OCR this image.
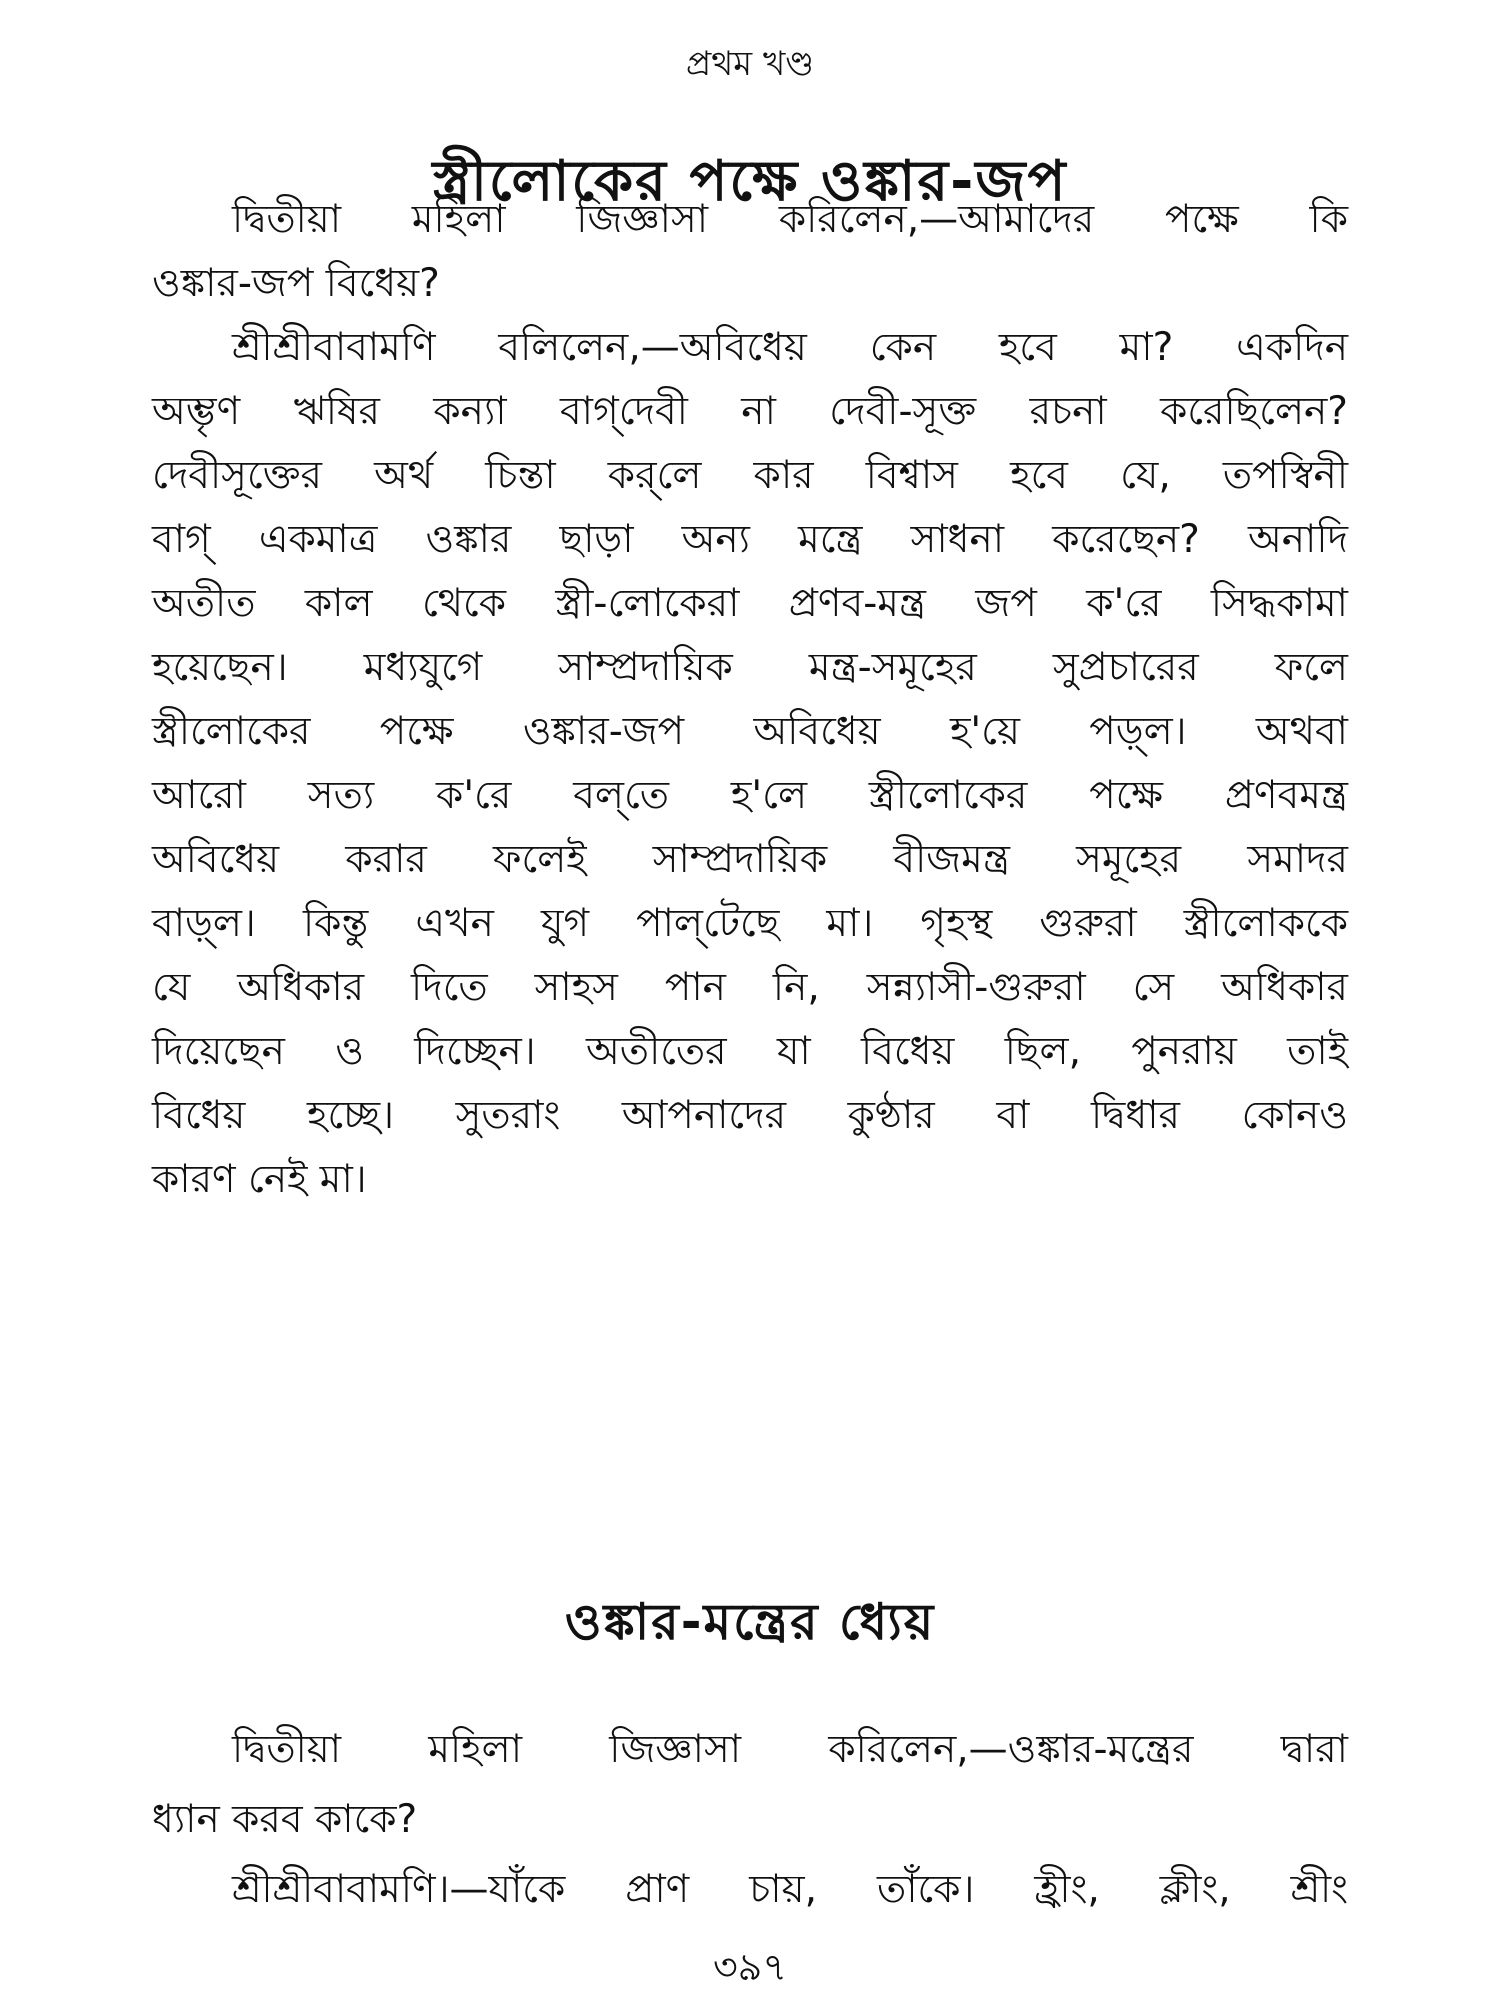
প্রথম খণ্ড
স্ত্রীলোকের পক্ষে ওঙ্কার-জপ
দ্বিতীয়া মহিলা জিজ্ঞাসা করিলেন,—আমাদের পক্ষে কি
ওঙ্কার-জপ বিধেয়?
শ্রীশ্রীবাবামণি বলিলেন,—অবিধেয় কেন হবে মা? একদিন
অম্ভৃণ ঋষির কন্যা বাগ্‌দেবী না দেবী-সূক্ত রচনা করেছিলেন?
দেবীসূক্তের অর্থ চিন্তা কর্‌লে কার বিশ্বাস হবে যে, তপস্বিনী
বাগ্‌ একমাত্র ওঙ্কার ছাড়া অন্য মন্ত্রে সাধনা করেছেন? অনাদি
অতীত কাল থেকে স্ত্রী-লোকেরা প্রণব-মন্ত্র জপ ক'রে সিদ্ধকামা
হয়েছেন। মধ্যযুগে সাম্প্রদায়িক মন্ত্র-সমূহের সুপ্রচারের ফলে
স্ত্রীলোকের পক্ষে ওঙ্কার-জপ অবিধেয় হ'য়ে পড়্‌ল। অথবা
আরো সত্য ক'রে বল্‌তে হ'লে স্ত্রীলোকের পক্ষে প্রণবমন্ত্র
অবিধেয় করার ফলেই সাম্প্রদায়িক বীজমন্ত্র সমূহের সমাদর
বাড়্‌ল। কিন্তু এখন যুগ পাল্‌টেছে মা। গৃহস্থ গুরুরা স্ত্রীলোককে
যে অধিকার দিতে সাহস পান নি, সন্ন্যাসী-গুরুরা সে অধিকার
দিয়েছেন ও দিচ্ছেন। অতীতের যা বিধেয় ছিল, পুনরায় তাই
বিধেয় হচ্ছে। সুতরাং আপনাদের কুণ্ঠার বা দ্বিধার কোনও
কারণ নেই মা।
ওঙ্কার-মন্ত্রের ধ্যেয়
দ্বিতীয়া মহিলা জিজ্ঞাসা করিলেন,—ওঙ্কার-মন্ত্রের দ্বারা
ধ্যান করব কাকে?
শ্রীশ্রীবাবামণি।—যাঁকে প্রাণ চায়, তাঁকে। হ্রীং, ক্লীং, শ্রীং
৩৯৭
